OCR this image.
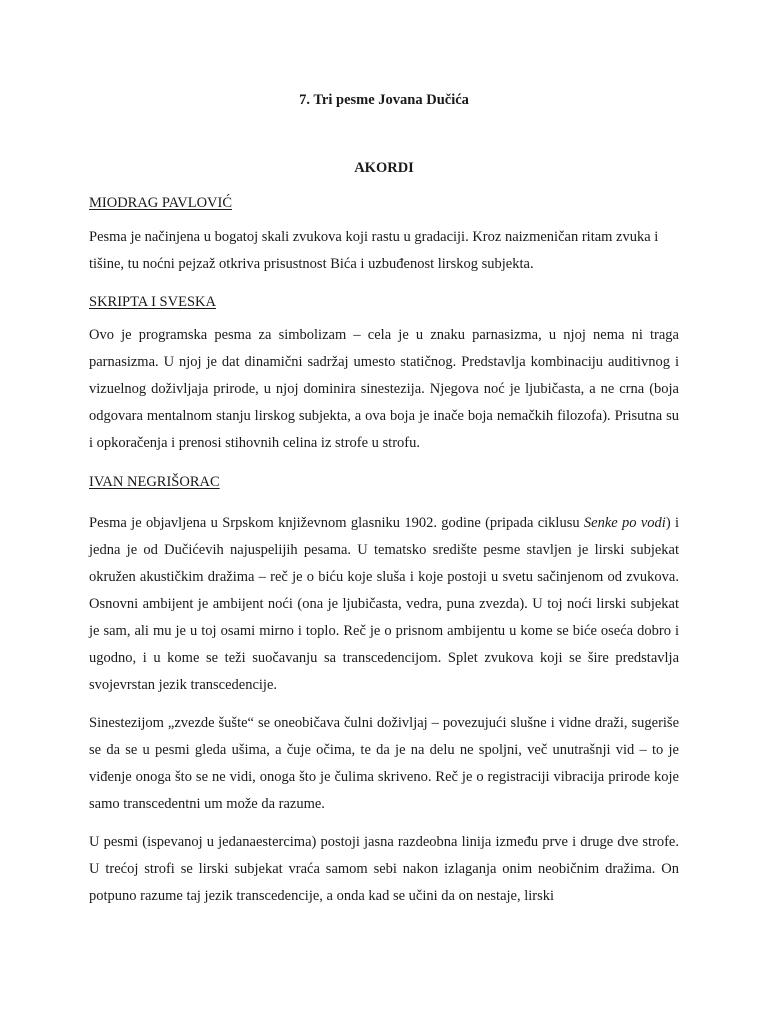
7. Tri pesme Jovana Dučića
AKORDI
MIODRAG PAVLOVIĆ
Pesma je načinjena u bogatoj skali zvukova koji rastu u gradaciji. Kroz naizmeničan ritam zvuka i tišine, tu noćni pejzaž otkriva prisustnost Bića i uzbuđenost lirskog subjekta.
SKRIPTA I SVESKA
Ovo je programska pesma za simbolizam – cela je u znaku parnasizma, u njoj nema ni traga parnasizma. U njoj je dat dinamični sadržaj umesto statičnog. Predstavlja kombinaciju auditivnog i vizuelnog doživljaja prirode, u njoj dominira sinestezija. Njegova noć je ljubičasta, a ne crna (boja odgovara mentalnom stanju lirskog subjekta, a ova boja je inače boja nemačkih filozofa). Prisutna su i opkoračenja i prenosi stihovnih celina iz strofe u strofu.
IVAN NEGRIŠORAC
Pesma je objavljena u Srpskom književnom glasniku 1902. godine (pripada ciklusu Senke po vodi) i jedna je od Dučićevih najuspelijih pesama. U tematsko središte pesme stavljen je lirski subjekat okružen akustičkim dražima – reč je o biću koje sluša i koje postoji u svetu sačinjenom od zvukova. Osnovni ambijent je ambijent noći (ona je ljubičasta, vedra, puna zvezda). U toj noći lirski subjekat je sam, ali mu je u toj osami mirno i toplo. Reč je o prisnom ambijentu u kome se biće oseća dobro i ugodno, i u kome se teži suočavanju sa transcedencijom. Splet zvukova koji se šire predstavlja svojevrstan jezik transcedencije.
Sinestezijom „zvezde šušte“ se oneobičava čulni doživljaj – povezujući slušne i vidne draži, sugeriše se da se u pesmi gleda ušima, a čuje očima, te da je na delu ne spoljni, več unutrašnji vid – to je viđenje onoga što se ne vidi, onoga što je čulima skriveno. Reč je o registraciji vibracija prirode koje samo transcedentni um može da razume.
U pesmi (ispevanoj u jedanaestercima) postoji jasna razdeobna linija između prve i druge dve strofe. U trećoj strofi se lirski subjekat vraća samom sebi nakon izlaganja onim neobičnim dražima. On potpuno razume taj jezik transcedencije, a onda kad se učini da on nestaje, lirski
